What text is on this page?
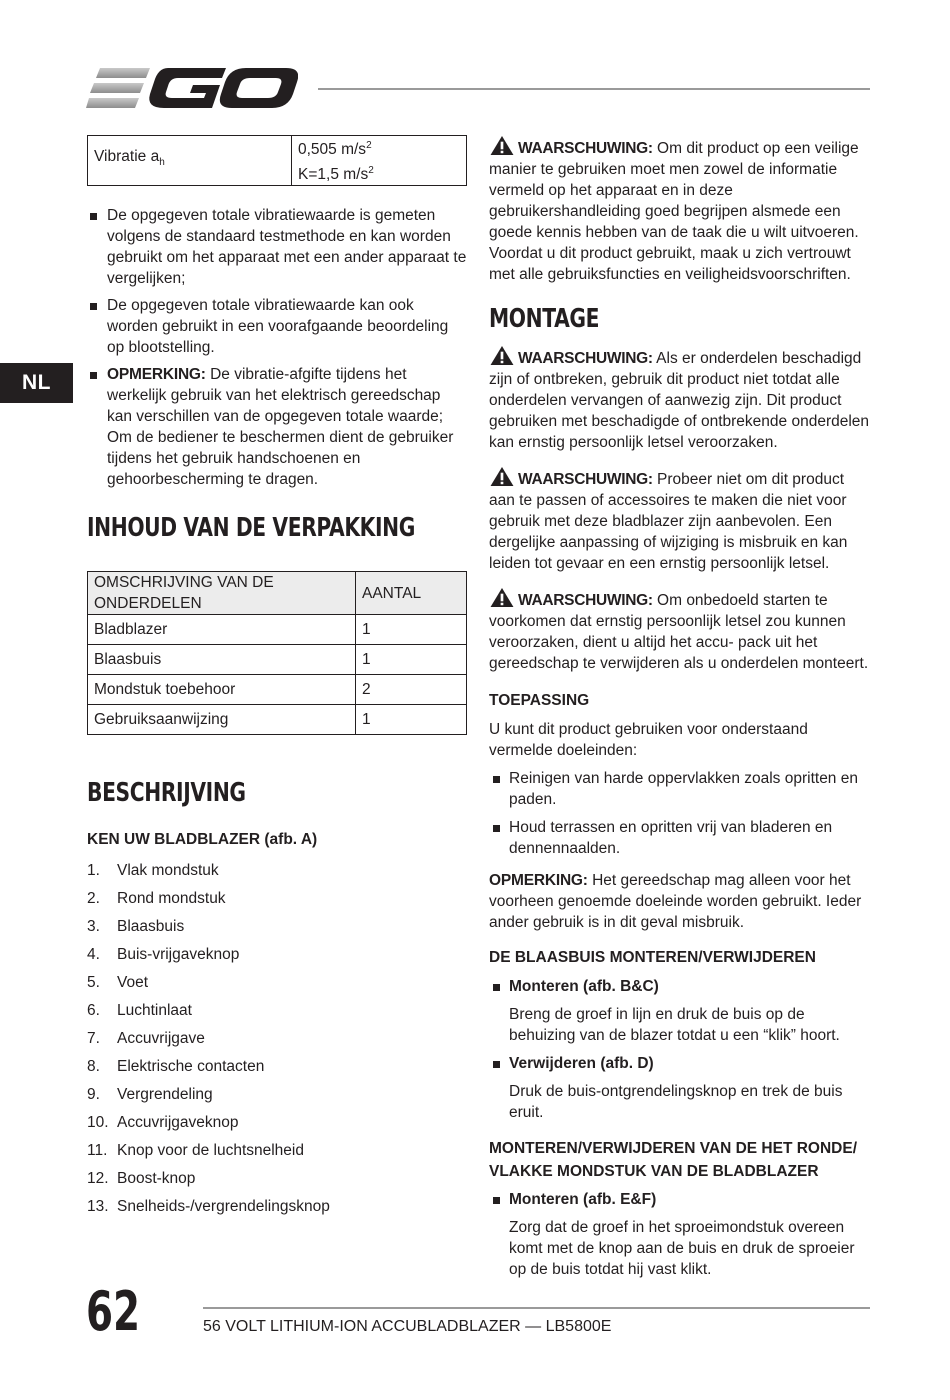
NL
Vibratie $a_h$	
0,505 $m/s^2$
K=1,5 $m/s^2$
De opgegeven totale vibratiewaarde is gemeten volgens de standaard testmethode en kan worden gebruikt om het apparaat met een ander apparaat te vergelijken;
De opgegeven totale vibratiewaarde kan ook worden gebruikt in een voorafgaande beoordeling op blootstelling.
OPMERKING: De vibratie-afgifte tijdens het werkelijk gebruik van het elektrisch gereedschap kan verschillen van de opgegeven totale waarde; Om de bediener te beschermen dient de gebruiker tijdens het gebruik handschoenen en gehoorbescherming te dragen.
INHOUD VAN DE VERPAKKING
OMSCHRIJVING VAN DE ONDERDELEN	AANTAL
Bladblazer	1
Blaasbuis	1
Mondstuk toebehoor	2
Gebruiksaanwijzing	1
BESCHRIJVING
KEN UW BLADBLAZER (afb. A)
1.	Vlak mondstuk
2.	Rond mondstuk
3.	Blaasbuis
4.	Buis-vrijgaveknop
5.	Voet
6.	Luchtinlaat
7.	Accuvrijgave
8.	Elektrische contacten
9.	Vergrendeling
10. Accuvrijgaveknop
11. Knop voor de luchtsnelheid
12. Boost-knop
13. Snelheids-/vergrendelingsknop
WAARSCHUWING: Om dit product op een veilige manier te gebruiken moet men zowel de informatie vermeld op het apparaat en in deze gebruikershandleiding goed begrijpen alsmede een goede kennis hebben van de taak die u wilt uitvoeren. Voordat u dit product gebruikt, maak u zich vertrouwt met alle gebruiksfuncties en veiligheidsvoorschriften.
MONTAGE
WAARSCHUWING: Als er onderdelen beschadigd zijn of ontbreken, gebruik dit product niet totdat alle onderdelen vervangen of aanwezig zijn. Dit product gebruiken met beschadigde of ontbrekende onderdelen kan ernstig persoonlijk letsel veroorzaken.
WAARSCHUWING: Probeer niet om dit product aan te passen of accessoires te maken die niet voor gebruik met deze bladblazer zijn aanbevolen. Een dergelijke aanpassing of wijziging is misbruik en kan leiden tot gevaar en een ernstig persoonlijk letsel.
WAARSCHUWING: Om onbedoeld starten te voorkomen dat ernstig persoonlijk letsel zou kunnen veroorzaken, dient u altijd het accu- pack uit het gereedschap te verwijderen als u onderdelen monteert.
TOEPASSING

U kunt dit product gebruiken voor onderstaand vermelde doeleinden:

Reinigen van harde oppervlakken zoals opritten en paden.
Houd terrassen en opritten vrij van bladeren en dennennaalden.

OPMERKING: Het gereedschap mag alleen voor het voorheen genoemde doeleinde worden gebruikt. Ieder ander gebruik is in dit geval misbruik.

DE BLAASBUIS MONTEREN/VERWIJDEREN
Monteren (afb. B&C)

Breng de groef in lijn en druk de buis op de behuizing van de blazer totdat u een “klik” hoort.

Verwijderen (afb. D)

Druk de buis-ontgrendelingsknop en trek de buis eruit.

MONTEREN/VERWIJDEREN VAN DE HET RONDE/ VLAKKE MONDSTUK VAN DE BLADBLAZER
Monteren (afb. E&F)

Zorg dat de groef in het sproeimondstuk overeen komt met de knop aan de buis en druk de sproeier op de buis totdat hij vast klikt.

62	56 VOLT LITHIUM-ION ACCUBLADBLAZER — LB5800E
